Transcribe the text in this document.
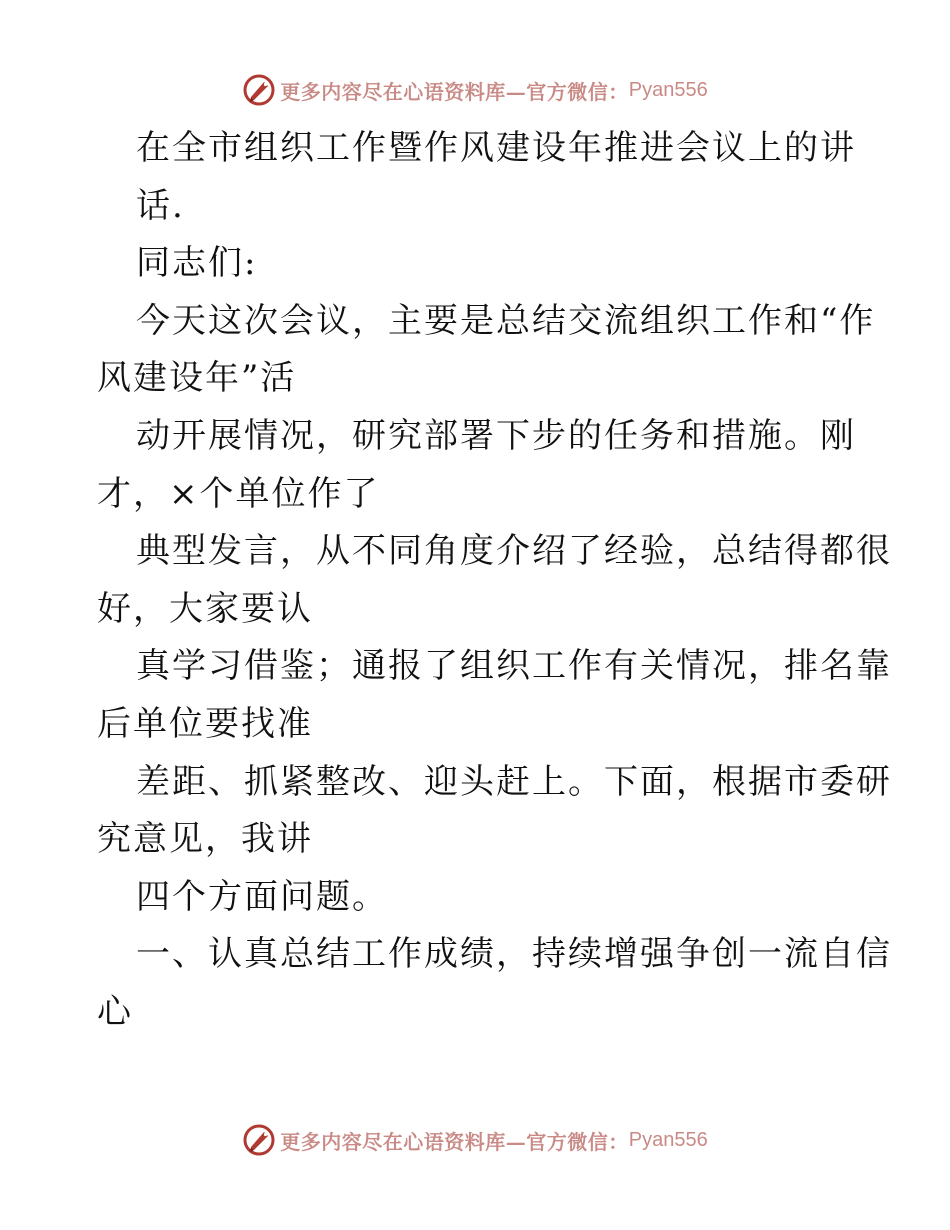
更多内容尽在心语资料库—官方微信： Pyan556
在全市组织工作暨作风建设年推进会议上的讲
话.
同志们:
今天这次会议，主要是总结交流组织工作和“作
风建设年”活
动开展情况，研究部署下步的任务和措施。刚
才，×个单位作了
典型发言，从不同角度介绍了经验，总结得都很
好，大家要认
真学习借鉴；通报了组织工作有关情况，排名靠
后单位要找准
差距、抓紧整改、迎头赶上。下面，根据市委研
究意见，我讲
四个方面问题。
一、认真总结工作成绩，持续增强争创一流自信
心
更多内容尽在心语资料库—官方微信： Pyan556
